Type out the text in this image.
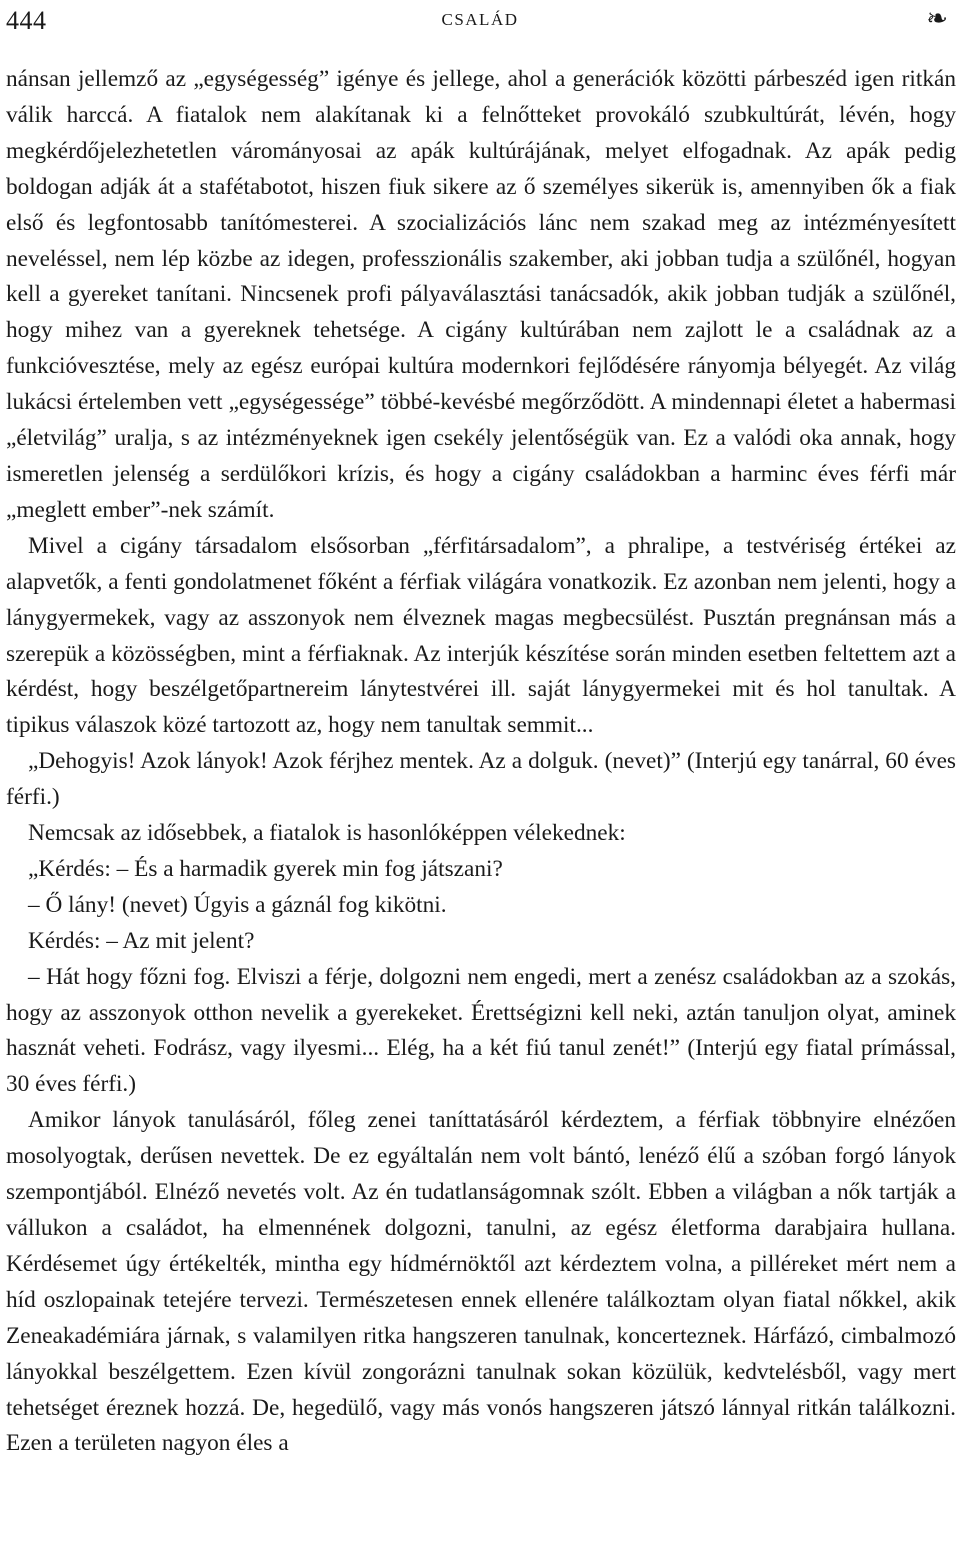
444	CSALÁD	❧

nánsan jellemző az „egységesség” igénye és jellege, ahol a generációk közötti párbeszéd igen ritkán válik harccá. A fiatalok nem alakítanak ki a felnőtteket provokáló szubkultúrát, lévén, hogy megkérdőjelezhetetlen várományosai az apák kultúrájának, melyet elfogadnak. Az apák pedig boldogan adják át a stafétabotot, hiszen fiuk sikere az ő személyes sikerük is, amennyiben ők a fiak első és legfontosabb tanítómesterei. A szocializációs lánc nem szakad meg az intézményesített neveléssel, nem lép közbe az idegen, professzionális szakember, aki jobban tudja a szülőnél, hogyan kell a gyereket tanítani. Nincsenek profi pályaválasztási tanácsadók, akik jobban tudják a szülőnél, hogy mihez van a gyereknek tehetsége. A cigány kultúrában nem zajlott le a családnak az a funkcióvesztése, mely az egész európai kultúra modernkori fejlődésére rányomja bélyegét. Az világ lukácsi értelemben vett „egységessége” többé-kevésbé megőrződött. A mindennapi életet a habermasi „életvilág” uralja, s az intézményeknek igen csekély jelentőségük van. Ez a valódi oka annak, hogy ismeretlen jelenség a serdülőkori krízis, és hogy a cigány családokban a harminc éves férfi már „meglett ember”-nek számít.

Mivel a cigány társadalom elsősorban „férfitársadalom”, a phralipe, a testvériség értékei az alapvetők, a fenti gondolatmenet főként a férfiak világára vonatkozik. Ez azonban nem jelenti, hogy a lánygyermekek, vagy az asszonyok nem élveznek magas megbecsülést. Pusztán pregnánsan más a szerepük a közösségben, mint a férfiaknak. Az interjúk készítése során minden esetben feltettem azt a kérdést, hogy beszélgetőpartnereim lánytestvérei ill. saját lánygyermekei mit és hol tanultak. A tipikus válaszok közé tartozott az, hogy nem tanultak semmit...

„Dehogyis! Azok lányok! Azok férjhez mentek. Az a dolguk. (nevet)” (Interjú egy tanárral, 60 éves férfi.)

Nemcsak az idősebbek, a fiatalok is hasonlóképpen vélekednek:

„Kérdés: – És a harmadik gyerek min fog játszani?

– Ő lány! (nevet) Úgyis a gáznál fog kikötni.

Kérdés: – Az mit jelent?

– Hát hogy főzni fog. Elviszi a férje, dolgozni nem engedi, mert a zenész családokban az a szokás, hogy az asszonyok otthon nevelik a gyerekeket. Érettségizni kell neki, aztán tanuljon olyat, aminek hasznát veheti. Fodrász, vagy ilyesmi... Elég, ha a két fiú tanul zenét!” (Interjú egy fiatal prímással, 30 éves férfi.)

Amikor lányok tanulásáról, főleg zenei taníttatásáról kérdeztem, a férfiak többnyire elnézően mosolyogtak, derűsen nevettek. De ez egyáltalán nem volt bántó, lenéző élű a szóban forgó lányok szempontjából. Elnéző nevetés volt. Az én tudatlanságomnak szólt. Ebben a világban a nők tartják a vállukon a családot, ha elmennének dolgozni, tanulni, az egész életforma darabjaira hullana. Kérdésemet úgy értékelték, mintha egy hídmérnöktől azt kérdeztem volna, a pilléreket mért nem a híd oszlopainak tetejére tervezi. Természetesen ennek ellenére találkoztam olyan fiatal nőkkel, akik Zeneakadémiára járnak, s valamilyen ritka hangszeren tanulnak, koncerteznek. Hárfázó, cimbalmozó lányokkal beszélgettem. Ezen kívül zongorázni tanulnak sokan közülük, kedvtelésből, vagy mert tehetséget éreznek hozzá. De, hegedülő, vagy más vonós hangszeren játszó lánnyal ritkán találkozni. Ezen a területen nagyon éles a
